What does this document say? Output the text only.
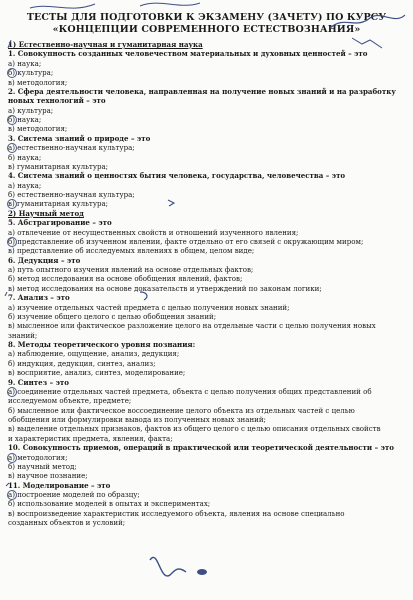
ТЕСТЫ ДЛЯ ПОДГОТОВКИ К ЭКЗАМЕНУ (ЗАЧЕТУ) ПО КУРСУ
«КОНЦЕПЦИИ СОВРЕМЕННОГО ЕСТЕСТВОЗНАНИЯ»
1) Естественно-научная и гуманитарная наука
1. Совокупность созданных человечеством материальных и духовных ценностей – это
а) наука;
б) культура;
в) методология;
2. Сфера деятельности человека, направленная на получение новых знаний и на разработку
новых технологий – это
а) культура;
б) наука;
в) методология;
3. Система знаний о природе – это
а) естественно-научная культура;
б) наука;
в) гуманитарная культура;
4. Система знаний о ценностях бытия человека, государства, человечества – это
а) наука;
б) естественно-научная культура;
в) гуманитарная культура;
2) Научный метод
5. Абстрагирование – это
а) отвлечение от несущественных свойств и отношений изученного явления;
б) представление об изученном явлении, факте отдельно от его связей с окружающим миром;
в) представление об исследуемых явлениях в общем, целом виде;
6. Дедукция – это
а) путь опытного изучения явлений на основе отдельных фактов;
б) метод исследования на основе обобщения явлений, фактов;
в) метод исследования на основе доказательств и утверждений по законам логики;
7. Анализ – это
а) изучение отдельных частей предмета с целью получения новых знаний;
б) изучение общего целого с целью обобщения знаний;
в) мысленное или фактическое разложение целого на отдельные части с целью получения новых
знаний;
8. Методы теоретического уровня познания:
а) наблюдение, ощущение, анализ, дедукция;
б) индукция, дедукция, синтез, анализ;
в) восприятие, анализ, синтез, моделирование;
9. Синтез – это
а) соединение отдельных частей предмета, объекта с целью получения общих представлений об
исследуемом объекте, предмете;
б) мысленное или фактическое воссоединение целого объекта из отдельных частей с целью
обобщения или формулировки вывода из полученных новых знаний;
в) выделение отдельных признаков, фактов из общего целого с целью описания отдельных свойств
и характеристик предмета, явления, факта;
10. Совокупность приемов, операций в практической или теоретической деятельности – это
а) методология;
б) научный метод;
в) научное познание;
11. Моделирование – это
а) построение моделей по образцу;
б) использование моделей в опытах и экспериментах;
в) воспроизведение характеристик исследуемого объекта, явления на основе специально
созданных объектов и условий;
